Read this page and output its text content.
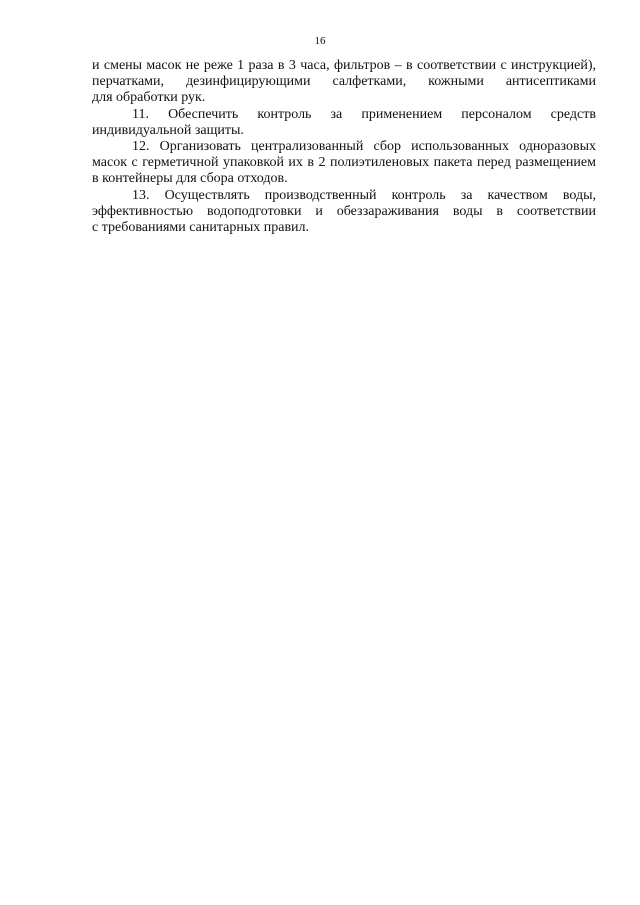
16

и смены масок не реже 1 раза в 3 часа, фильтров – в соответствии с инструкцией),
перчатками, дезинфицирующими салфетками, кожными антисептиками
для обработки рук.

11. Обеспечить контроль за применением персоналом средств
индивидуальной защиты.

12. Организовать централизованный сбор использованных одноразовых
масок с герметичной упаковкой их в 2 полиэтиленовых пакета перед размещением
в контейнеры для сбора отходов.

13. Осуществлять производственный контроль за качеством воды,
эффективностью водоподготовки и обеззараживания воды в соответствии
с требованиями санитарных правил.
